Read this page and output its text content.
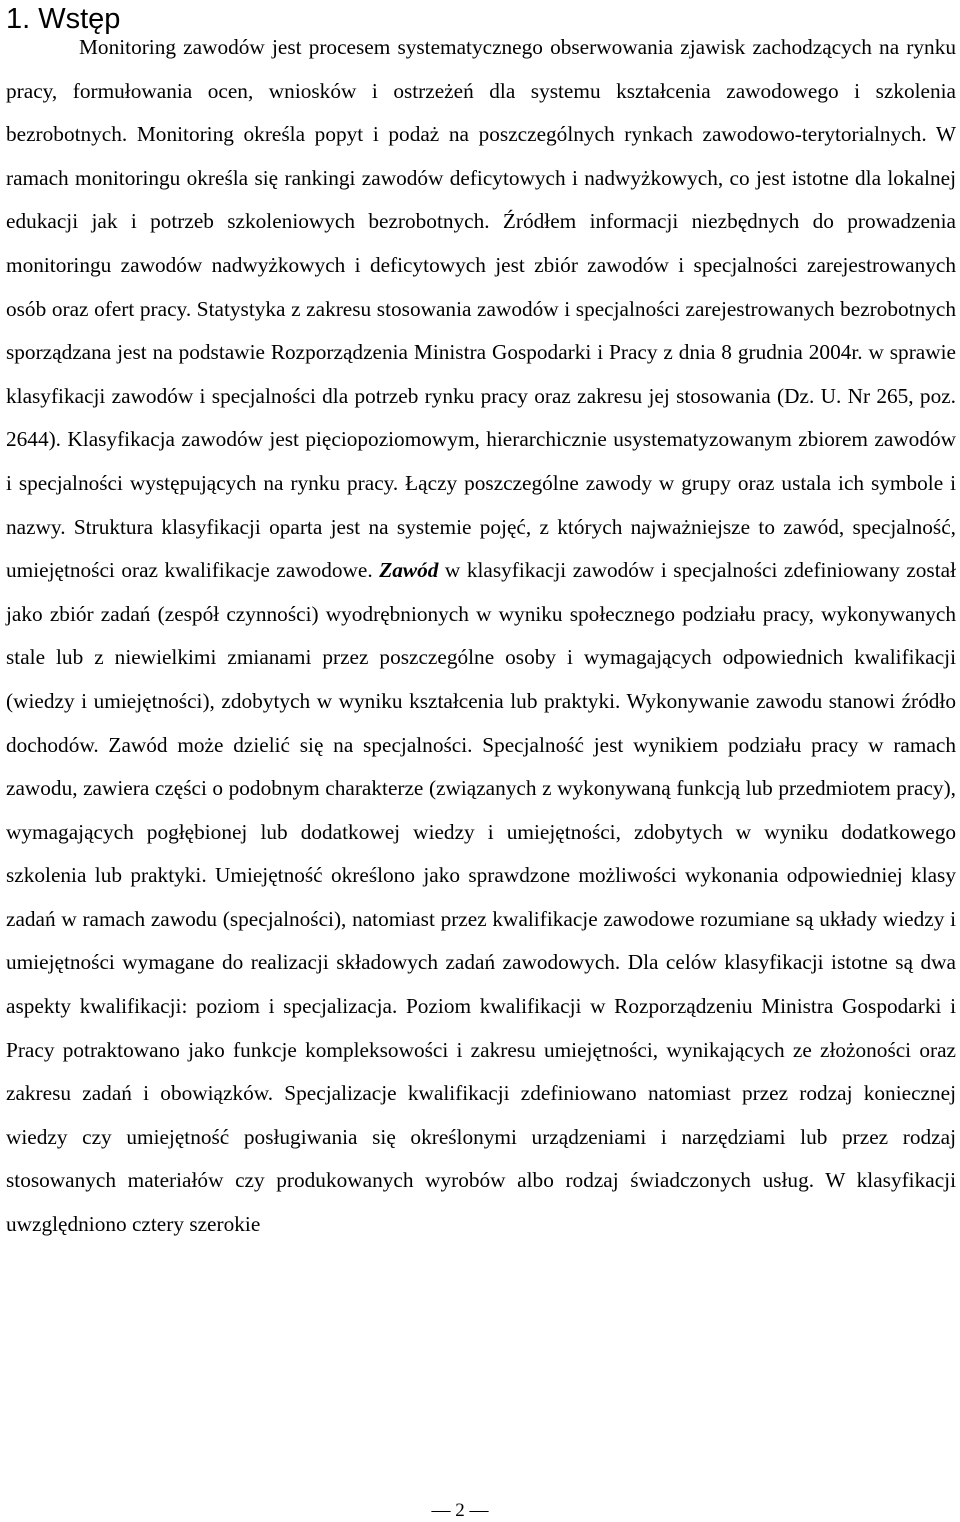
1. Wstęp

Monitoring zawodów jest procesem systematycznego obserwowania zjawisk zachodzących na rynku pracy, formułowania ocen, wniosków i ostrzeżeń dla systemu kształcenia zawodowego i szkolenia bezrobotnych. Monitoring określa popyt i podaż na poszczególnych rynkach zawodowo-terytorialnych. W ramach monitoringu określa się rankingi zawodów deficytowych i nadwyżkowych, co jest istotne dla lokalnej edukacji jak i potrzeb szkoleniowych bezrobotnych. Źródłem informacji niezbędnych do prowadzenia monitoringu zawodów nadwyżkowych i deficytowych jest zbiór zawodów i specjalności zarejestrowanych osób oraz ofert pracy. Statystyka z zakresu stosowania zawodów i specjalności zarejestrowanych bezrobotnych sporządzana jest na podstawie Rozporządzenia Ministra Gospodarki i Pracy z dnia 8 grudnia 2004r. w sprawie klasyfikacji zawodów i specjalności dla potrzeb rynku pracy oraz zakresu jej stosowania (Dz. U. Nr 265, poz. 2644). Klasyfikacja zawodów jest pięciopoziomowym, hierarchicznie usystematyzowanym zbiorem zawodów i specjalności występujących na rynku pracy. Łączy poszczególne zawody w grupy oraz ustala ich symbole i nazwy. Struktura klasyfikacji oparta jest na systemie pojęć, z których najważniejsze to zawód, specjalność, umiejętności oraz kwalifikacje zawodowe. Zawód w klasyfikacji zawodów i specjalności zdefiniowany został jako zbiór zadań (zespół czynności) wyodrębnionych w wyniku społecznego podziału pracy, wykonywanych stale lub z niewielkimi zmianami przez poszczególne osoby i wymagających odpowiednich kwalifikacji (wiedzy i umiejętności), zdobytych w wyniku kształcenia lub praktyki. Wykonywanie zawodu stanowi źródło dochodów. Zawód może dzielić się na specjalności. Specjalność jest wynikiem podziału pracy w ramach zawodu, zawiera części o podobnym charakterze (związanych z wykonywaną funkcją lub przedmiotem pracy), wymagających pogłębionej lub dodatkowej wiedzy i umiejętności, zdobytych w wyniku dodatkowego szkolenia lub praktyki. Umiejętność określono jako sprawdzone możliwości wykonania odpowiedniej klasy zadań w ramach zawodu (specjalności), natomiast przez kwalifikacje zawodowe rozumiane są układy wiedzy i umiejętności wymagane do realizacji składowych zadań zawodowych. Dla celów klasyfikacji istotne są dwa aspekty kwalifikacji: poziom i specjalizacja. Poziom kwalifikacji w Rozporządzeniu Ministra Gospodarki i Pracy potraktowano jako funkcje kompleksowości i zakresu umiejętności, wynikających ze złożoności oraz zakresu zadań i obowiązków. Specjalizacje kwalifikacji zdefiniowano natomiast przez rodzaj koniecznej wiedzy czy umiejętność posługiwania się określonymi urządzeniami i narzędziami lub przez rodzaj stosowanych materiałów czy produkowanych wyrobów albo rodzaj świadczonych usług. W klasyfikacji uwzględniono cztery szerokie

― 2 ―
